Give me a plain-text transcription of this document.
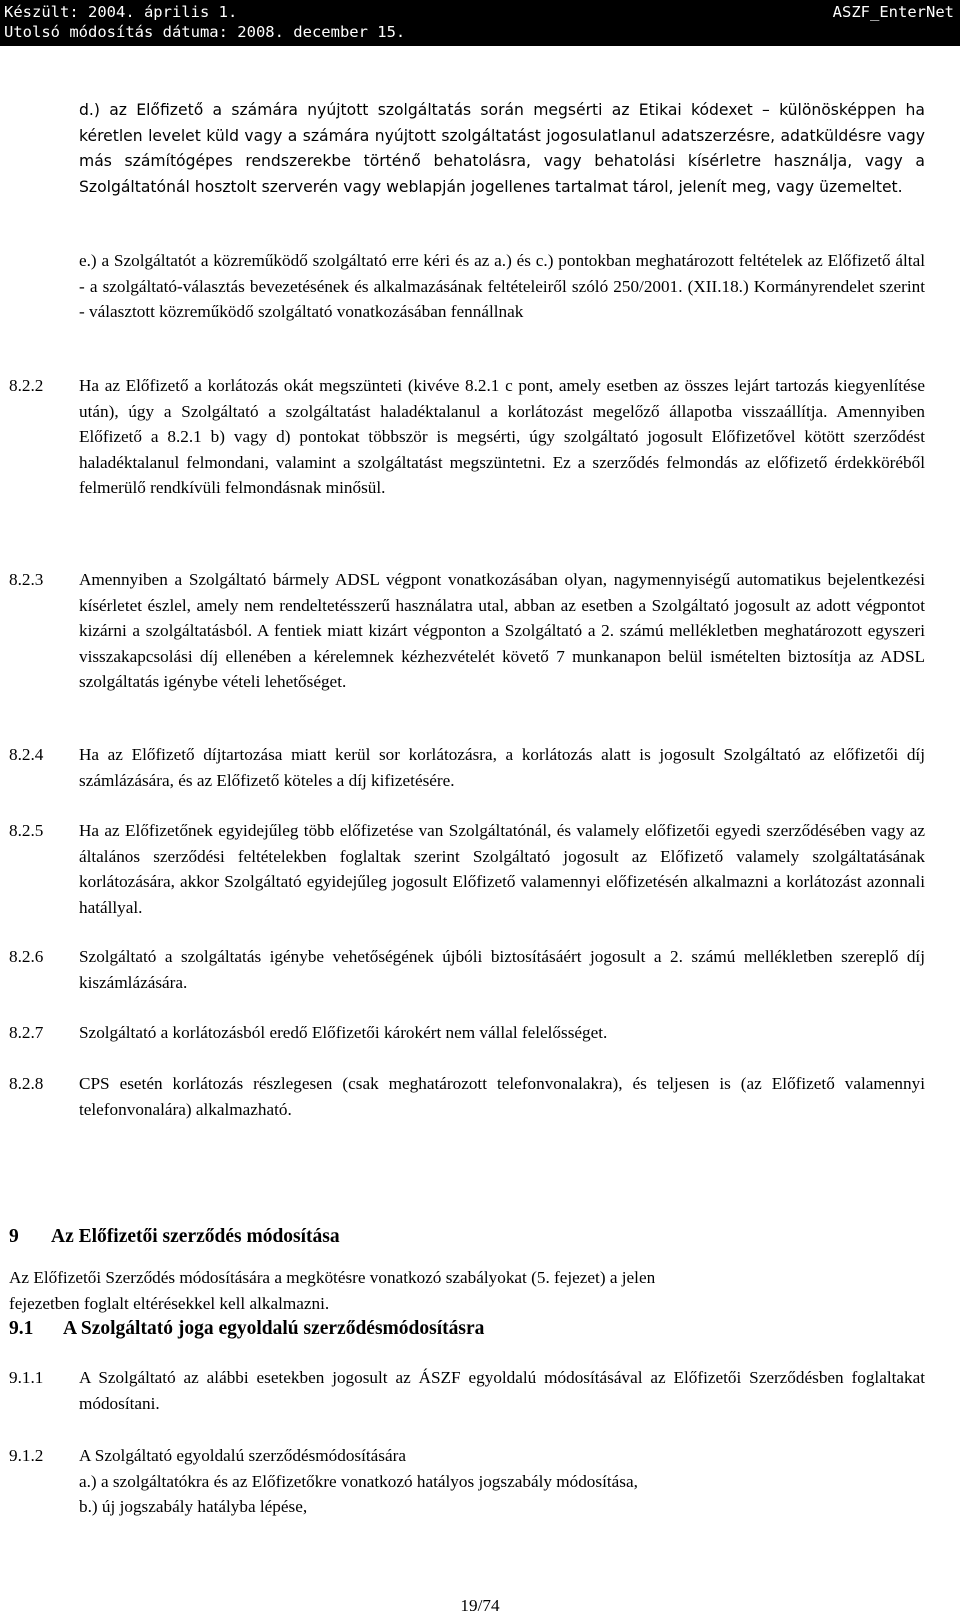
Készült: 2004. április 1.
Utolsó módosítás dátuma: 2008. december 15.
ASZF_EnterNet
d.) az Előfizető a számára nyújtott szolgáltatás során megsérti az Etikai kódexet – különösképpen ha kéretlen levelet küld vagy a számára nyújtott szolgáltatást jogosulatlanul adatszerzésre, adatküldésre vagy más számítógépes rendszerekbe történő behatolásra, vagy behatolási kísérletre használja, vagy a Szolgáltatónál hosztolt szerverén vagy weblapján jogellenes tartalmat tárol, jelenít meg, vagy üzemeltet.
e.) a Szolgáltatót a közreműködő szolgáltató erre kéri és az a.) és c.) pontokban meghatározott feltételek az Előfizető által - a szolgáltató-választás bevezetésének és alkalmazásának feltételeiről szóló 250/2001. (XII.18.) Kormányrendelet szerint - választott közreműködő szolgáltató vonatkozásában fennállnak
8.2.2 Ha az Előfizető a korlátozás okát megszünteti (kivéve 8.2.1 c pont, amely esetben az összes lejárt tartozás kiegyenlítése után), úgy a Szolgáltató a szolgáltatást haladéktalanul a korlátozást megelőző állapotba visszaállítja. Amennyiben Előfizető a 8.2.1 b) vagy d) pontokat többször is megsérti, úgy szolgáltató jogosult Előfizetővel kötött szerződést haladéktalanul felmondani, valamint a szolgáltatást megszüntetni. Ez a szerződés felmondás az előfizető érdekköréből felmerülő rendkívüli felmondásnak minősül.
8.2.3 Amennyiben a Szolgáltató bármely ADSL végpont vonatkozásában olyan, nagymennyiségű automatikus bejelentkezési kísérletet észlel, amely nem rendeltetésszerű használatra utal, abban az esetben a Szolgáltató jogosult az adott végpontot kizárni a szolgáltatásból. A fentiek miatt kizárt végponton a Szolgáltató a 2. számú mellékletben meghatározott egyszeri visszakapcsolási díj ellenében a kérelemnek kézhezvételét követő 7 munkanapon belül ismételten biztosítja az ADSL szolgáltatás igénybe vételi lehetőséget.
8.2.4 Ha az Előfizető díjtartozása miatt kerül sor korlátozásra, a korlátozás alatt is jogosult Szolgáltató az előfizetői díj számlázására, és az Előfizető köteles a díj kifizetésére.
8.2.5 Ha az Előfizetőnek egyidejűleg több előfizetése van Szolgáltatónál, és valamely előfizetői egyedi szerződésében vagy az általános szerződési feltételekben foglaltak szerint Szolgáltató jogosult az Előfizető valamely szolgáltatásának korlátozására, akkor Szolgáltató egyidejűleg jogosult Előfizető valamennyi előfizetésén alkalmazni a korlátozást azonnali hatállyal.
8.2.6 Szolgáltató a szolgáltatás igénybe vehetőségének újbóli biztosításáért jogosult a 2. számú mellékletben szereplő díj kiszámlázására.
8.2.7 Szolgáltató a korlátozásból eredő Előfizetői károkért nem vállal felelősséget.
8.2.8 CPS esetén korlátozás részlegesen (csak meghatározott telefonvonalakra), és teljesen is (az Előfizető valamennyi telefonvonalára) alkalmazható.
9 Az Előfizetői szerződés módosítása
Az Előfizetői Szerződés módosítására a megkötésre vonatkozó szabályokat (5. fejezet) a jelen
fejezetben foglalt eltérésekkel kell alkalmazni.
9.1 A Szolgáltató joga egyoldalú szerződésmódosításra
9.1.1 A Szolgáltató az alábbi esetekben jogosult az ÁSZF egyoldalú módosításával az Előfizetői Szerződésben foglaltakat módosítani.
9.1.2 A Szolgáltató egyoldalú szerződésmódosítására
a.) a szolgáltatókra és az Előfizetőkre vonatkozó hatályos jogszabály módosítása,
b.) új jogszabály hatályba lépése,
19/74
